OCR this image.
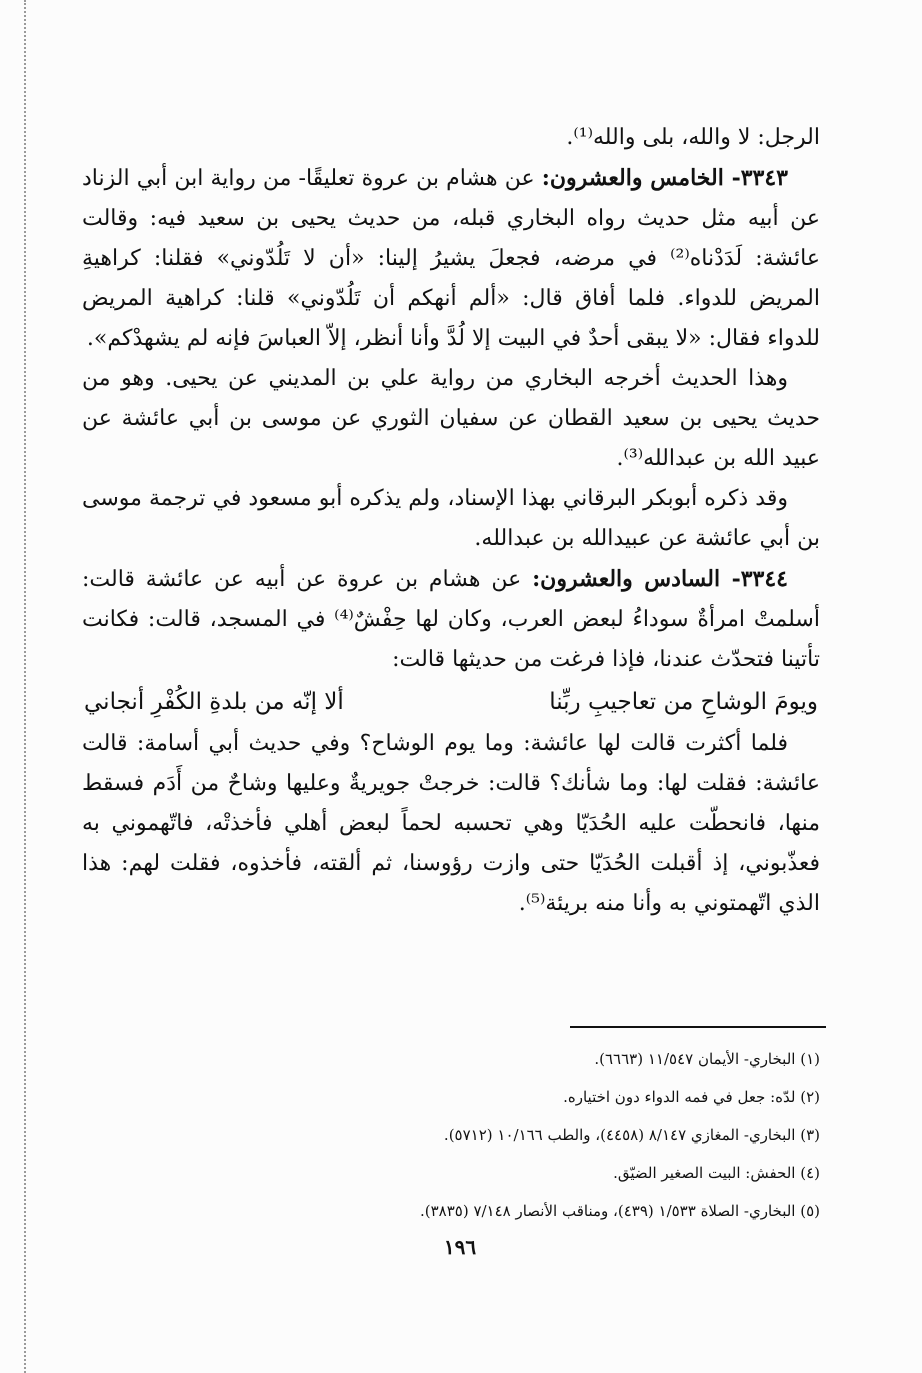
الرجل: لا والله، بلى والله⁽¹⁾.

٣٣٤٣- الخامس والعشرون: عن هشام بن عروة تعليقًا- من رواية ابن أبي الزناد عن أبيه مثل حديث رواه البخاري قبله، من حديث يحيى بن سعيد فيه: وقالت عائشة: لَدَدْناه⁽²⁾ في مرضه، فجعلَ يشيرُ إلينا: «أن لا تَلُدّوني» فقلنا: كراهيةِ المريض للدواء. فلما أفاق قال: «ألم أنهكم أن تَلُدّوني» قلنا: كراهية المريض للدواء فقال: «لا يبقى أحدٌ في البيت إلا لُدَّ وأنا أنظر، إلاّ العباسَ فإنه لم يشهدْكم».

وهذا الحديث أخرجه البخاري من رواية علي بن المديني عن يحيى. وهو من حديث يحيى بن سعيد القطان عن سفيان الثوري عن موسى بن أبي عائشة عن عبيد الله بن عبدالله⁽³⁾.

وقد ذكره أبوبكر البرقاني بهذا الإسناد، ولم يذكره أبو مسعود في ترجمة موسى بن أبي عائشة عن عبيدالله بن عبدالله.

٣٣٤٤- السادس والعشرون: عن هشام بن عروة عن أبيه عن عائشة قالت: أسلمتْ امرأةٌ سوداءُ لبعض العرب، وكان لها حِفْشٌ⁽⁴⁾ في المسجد، قالت: فكانت تأتينا فتحدّث عندنا، فإذا فرغت من حديثها قالت:

ويومَ الوشاحِ من تعاجيبِ ربِّنا
ألا إنّه من بلدةِ الكُفْرِ أنجاني

فلما أكثرت قالت لها عائشة: وما يوم الوشاح؟ وفي حديث أبي أسامة: قالت عائشة: فقلت لها: وما شأنك؟ قالت: خرجتْ جويريةٌ وعليها وشاحٌ من أَدَم فسقط منها، فانحطّت عليه الحُدَيّا وهي تحسبه لحماً لبعض أهلي فأخذتْه، فاتّهموني به فعذّبوني، إذ أقبلت الحُدَيّا حتى وازت رؤوسنا، ثم ألقته، فأخذوه، فقلت لهم: هذا الذي اتّهمتوني به وأنا منه بريئة⁽⁵⁾.

(١) البخاري- الأيمان ١١/٥٤٧ (٦٦٦٣).

(٢) لدّه: جعل في فمه الدواء دون اختياره.

(٣) البخاري- المغازي ٨/١٤٧ (٤٤٥٨)، والطب ١٠/١٦٦ (٥٧١٢).

(٤) الحفش: البيت الصغير الضيّق.

(٥) البخاري- الصلاة ١/٥٣٣ (٤٣٩)، ومناقب الأنصار ٧/١٤٨ (٣٨٣٥).

١٩٦
